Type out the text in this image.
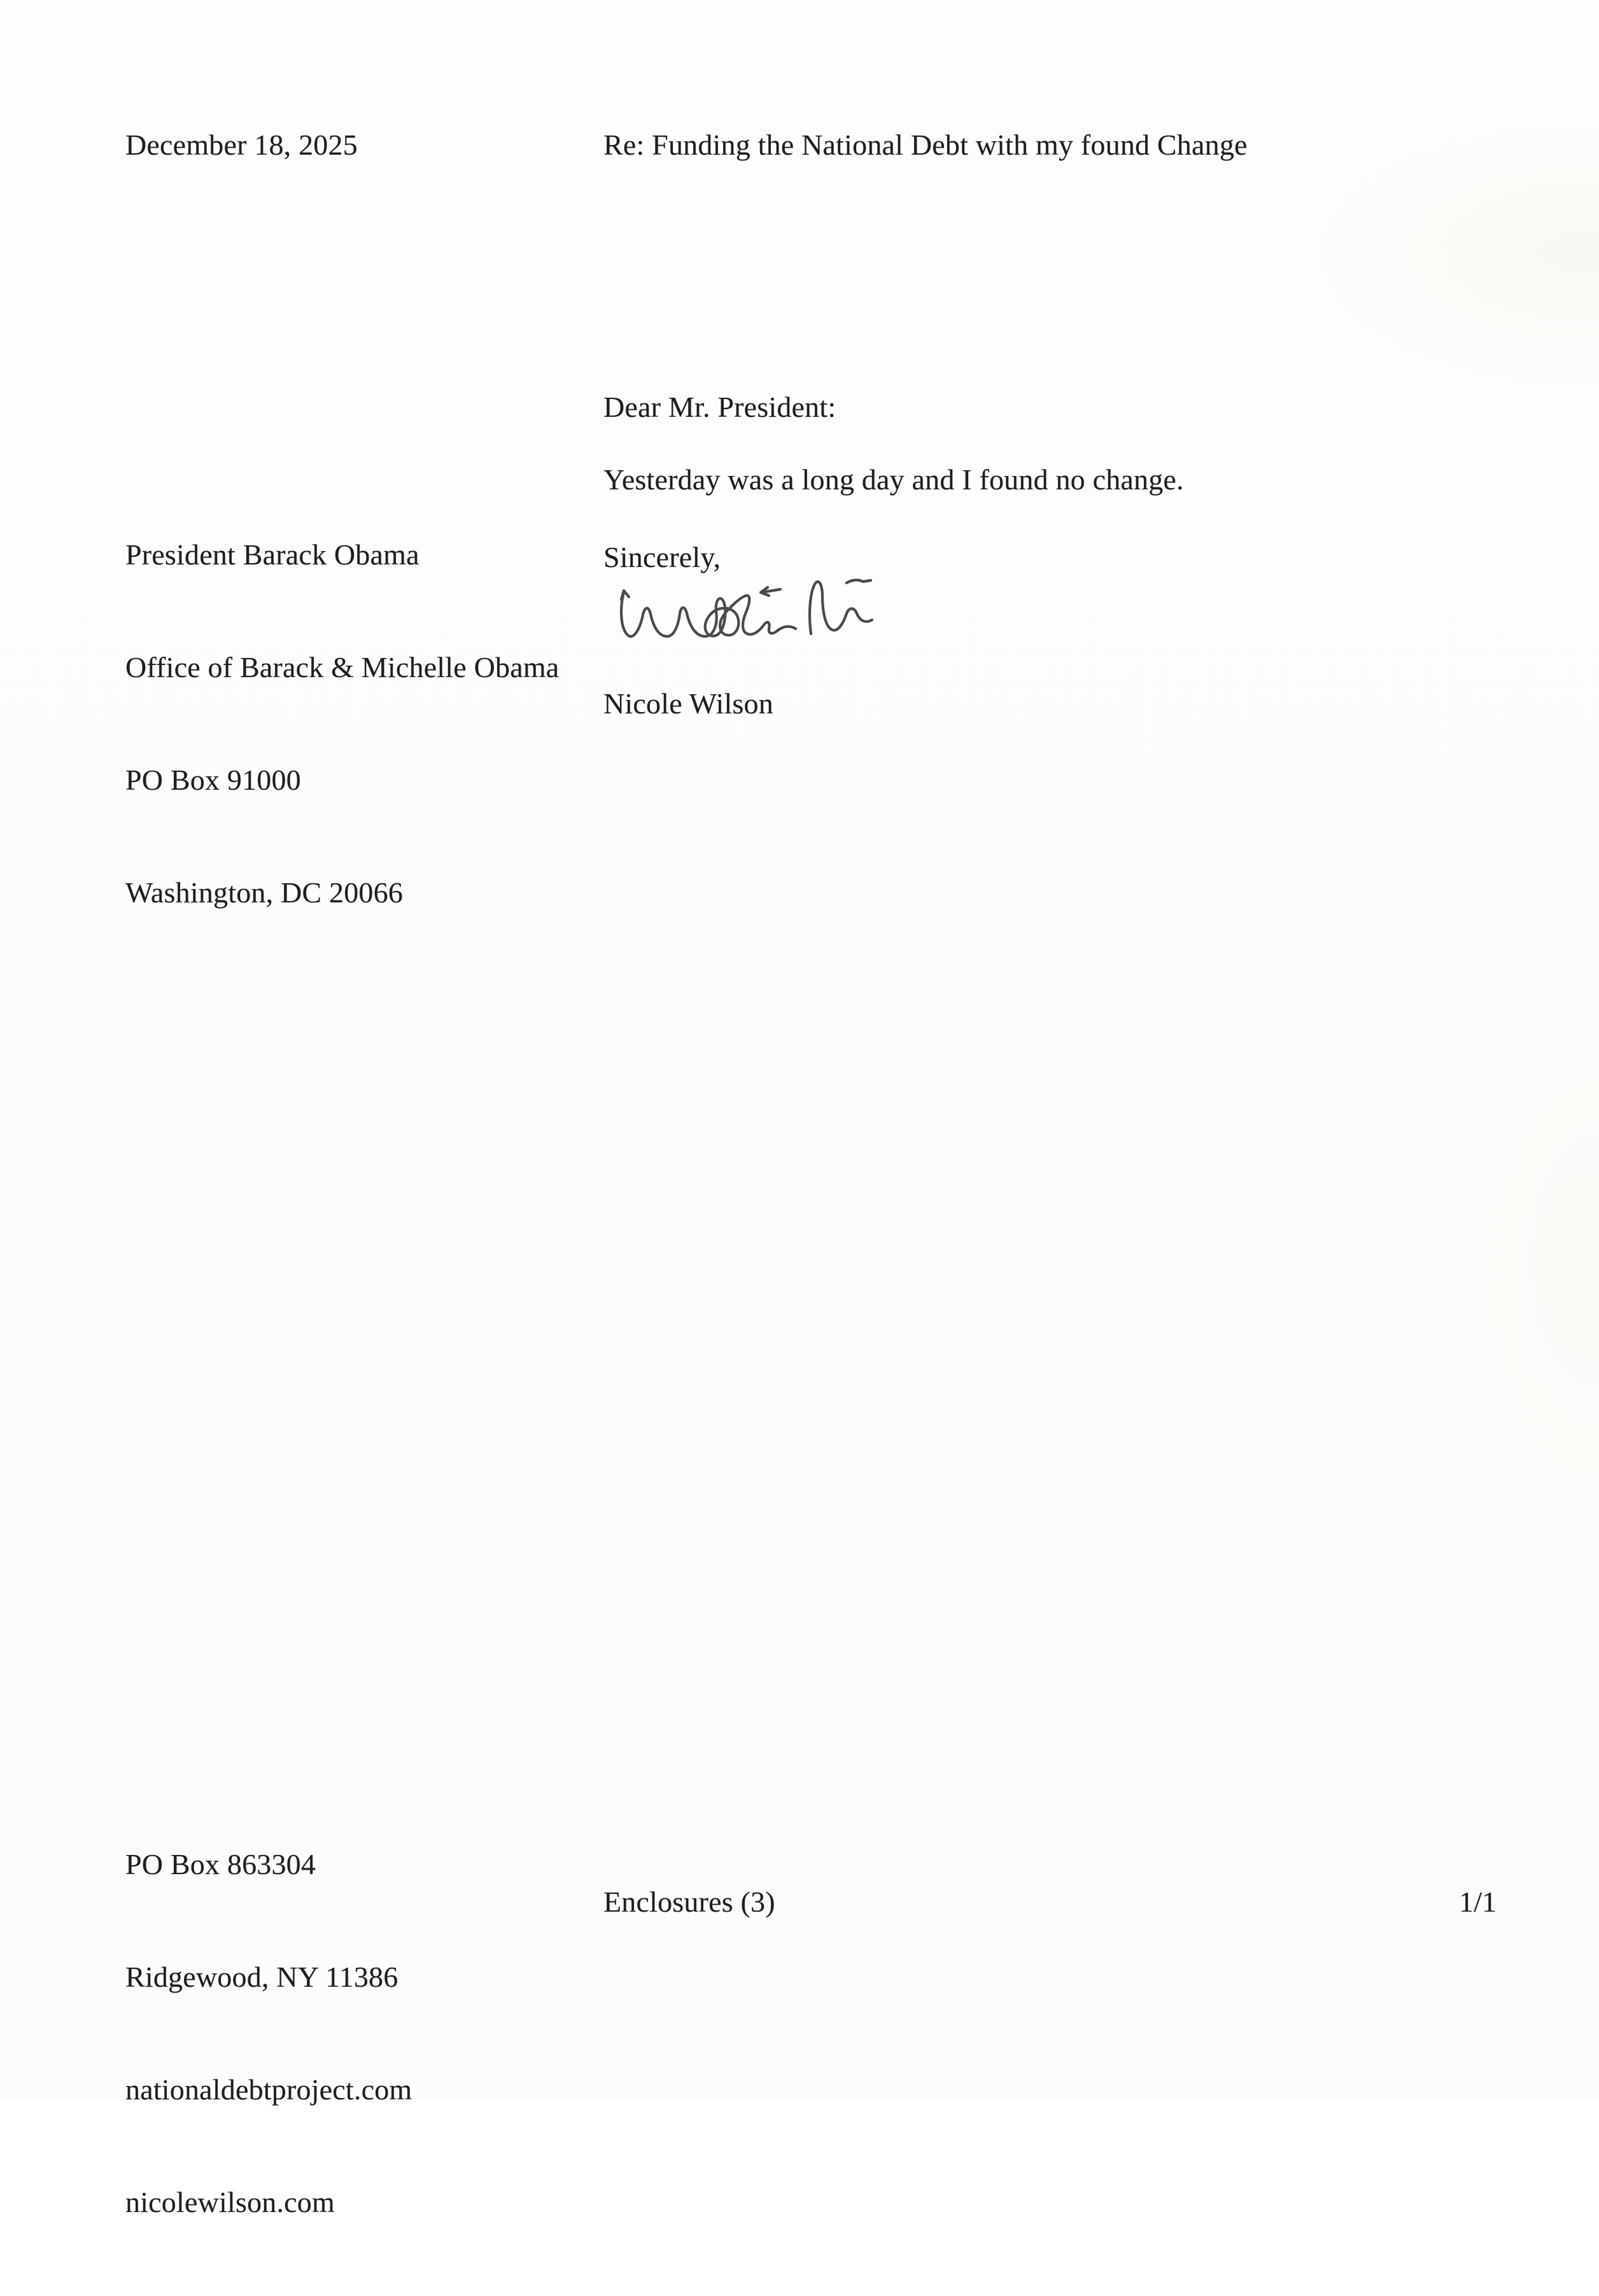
December 18, 2025	Re: Funding the National Debt with my found Change
Dear Mr. President:

President Barack Obama

Office of Barack & Michelle Obama

PO Box 91000

Washington, DC 20066

Yesterday was a long day and I found no change.
Sincerely,
Nicole Wilson

PO Box 863304

Ridgewood, NY 11386

nationaldebtproject.com

nicolewilson.com

Enclosures (3)	1/1
